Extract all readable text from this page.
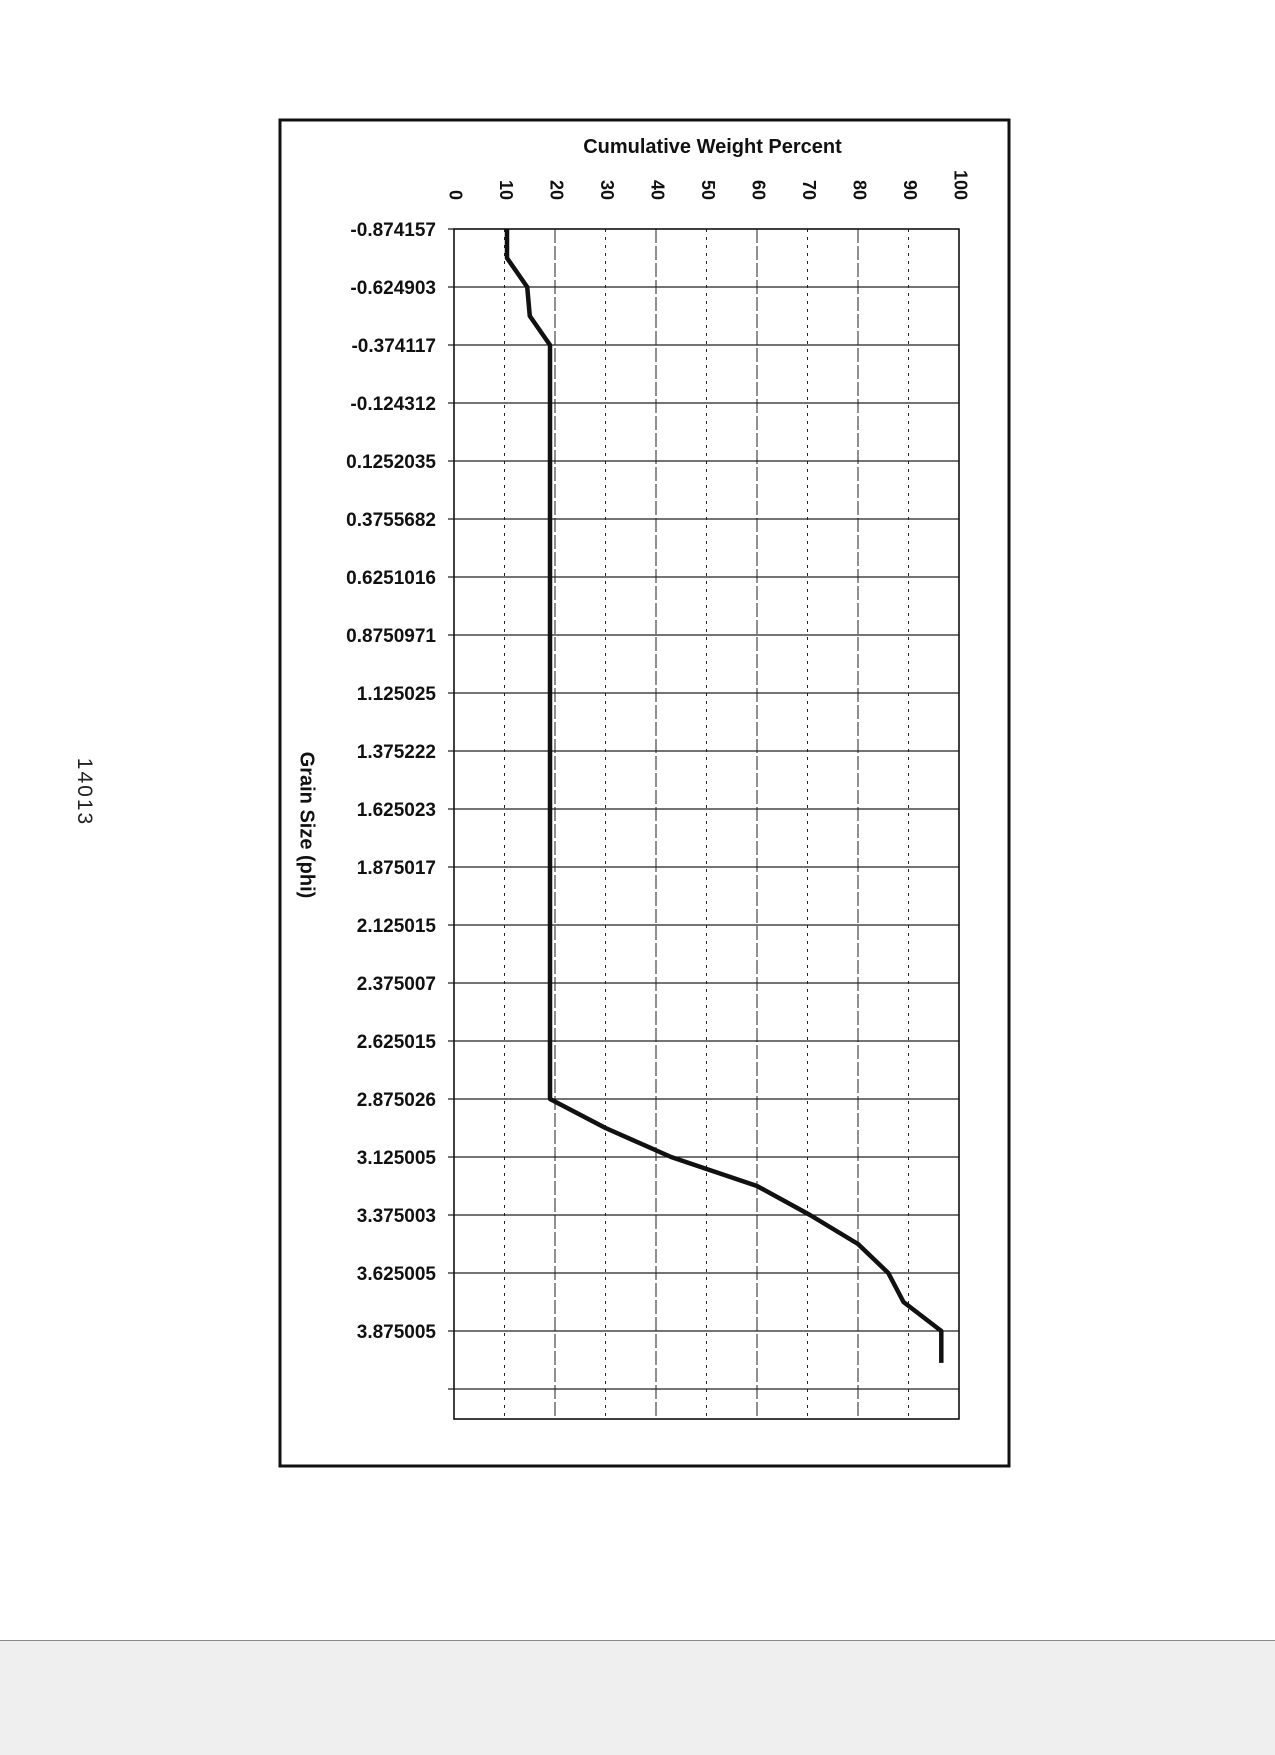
14013
0 10 20 30 40 50 60 70 80 90 100
Cumulative Weight Percent
-0.874157
-0.624903
-0.374117
-0.124312
0.1252035
0.3755682
0.6251016
0.8750971
1.125025
1.375222
1.625023
1.875017
2.125015
2.375007
2.625015
2.875026
3.125005
3.375003
3.625005
3.875005
Grain Size (phi)
